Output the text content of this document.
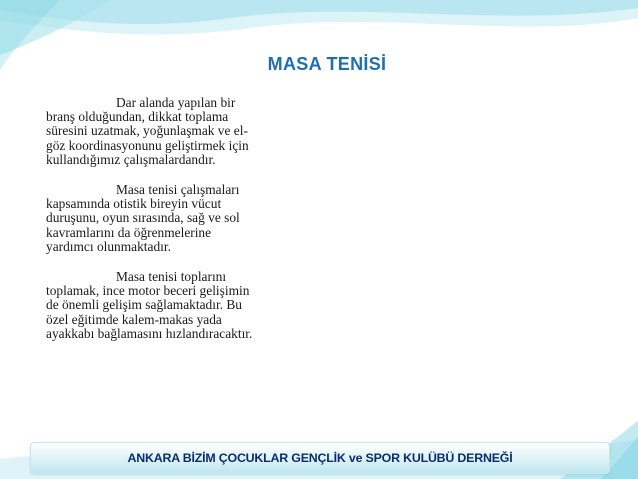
MASA TENİSİ

Dar alanda yapılan bir branş olduğundan, dikkat toplama süresini uzatmak, yoğunlaşmak ve el-göz koordinasyonunu geliştirmek için kullandığımız çalışmalardandır.

Masa tenisi çalışmaları kapsamında otistik bireyin vücut duruşunu, oyun sırasında, sağ ve sol kavramlarını da öğrenmelerine yardımcı olunmaktadır.

Masa tenisi toplarını toplamak, ince motor beceri gelişimin de önemli gelişim sağlamaktadır. Bu özel eğitimde kalem-makas yada ayakkabı bağlamasını hızlandıracaktır.

ANKARA BİZİM ÇOCUKLAR GENÇLİK ve SPOR KULÜBÜ DERNEĞİ
